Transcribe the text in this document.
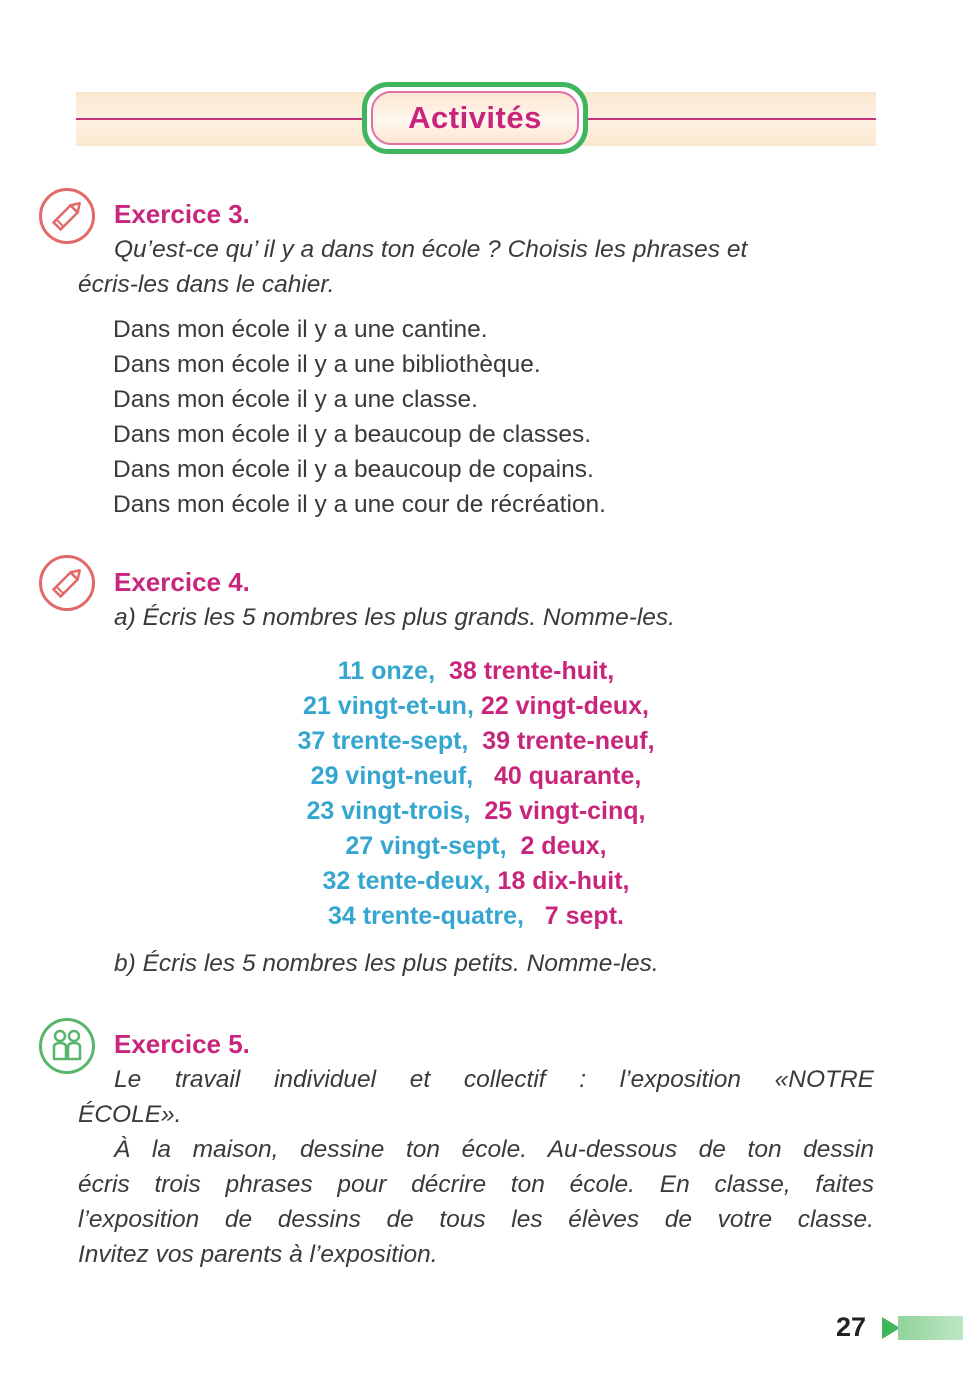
Activités
Exercice 3.
Qu’est-ce qu’ il y a dans ton école ? Choisis les phrases et
écris-les dans le cahier.
Dans mon école il y a une cantine.
Dans mon école il y a une bibliothèque.
Dans mon école il y a une classe.
Dans mon école il y a beaucoup de classes.
Dans mon école il y a beaucoup de copains.
Dans mon école il y a une cour de récréation.
Exercice 4.
a) Écris les 5 nombres les plus grands. Nomme-les.
11 onze, 38 trente-huit,
21 vingt-et-un, 22 vingt-deux,
37 trente-sept, 39 trente-neuf,
29 vingt-neuf, 40 quarante,
23 vingt-trois, 25 vingt-cinq,
27 vingt-sept, 2 deux,
32 tente-deux, 18 dix-huit,
34 trente-quatre, 7 sept.
b) Écris les 5 nombres les plus petits. Nomme-les.
Exercice 5.
Le travail individuel et collectif : l’exposition «NOTRE
ÉCOLE».
À la maison, dessine ton école. Au-dessous de ton dessin
écris trois phrases pour décrire ton école. En classe, faites
l’exposition de dessins de tous les élèves de votre classe.
Invitez vos parents à l’exposition.
27
